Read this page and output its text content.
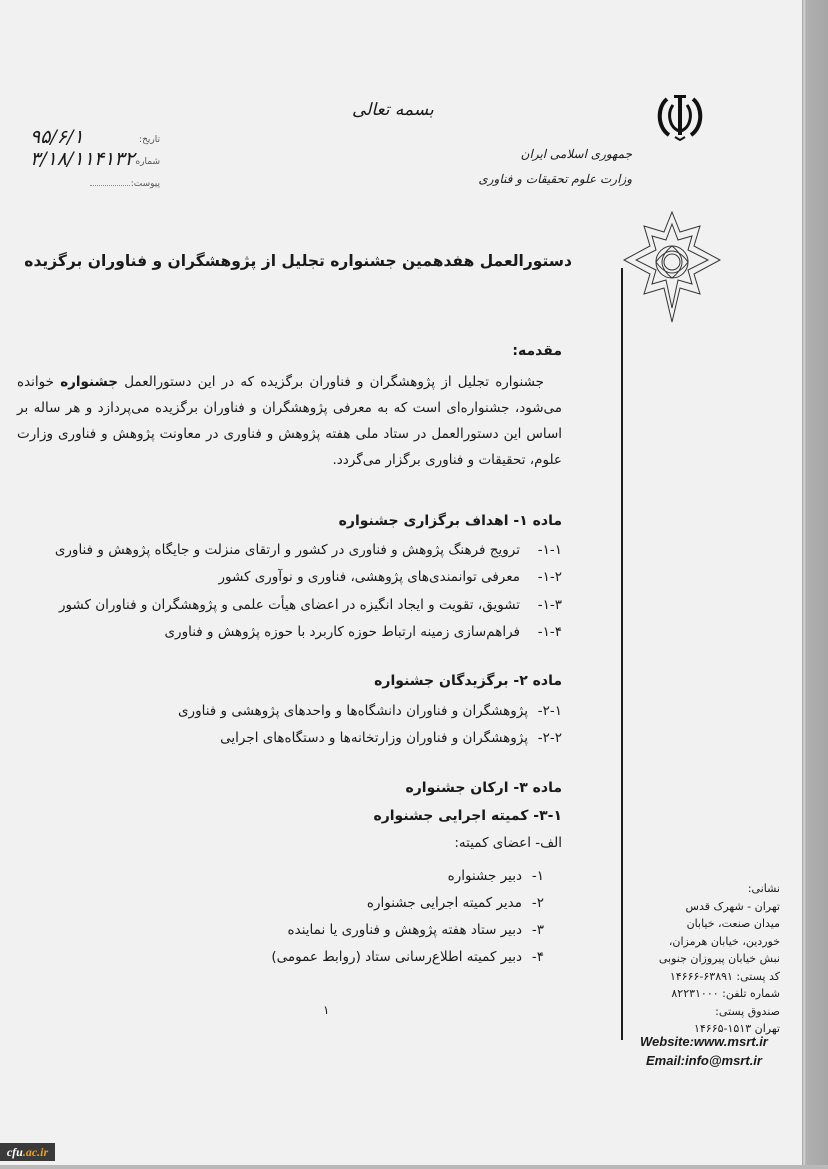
جمهوری اسلامی ایران
وزارت علوم تحقیقات و فناوری
بسمه تعالی
تاریخ:
۹۵/۶/۱
شماره
۳/۱۸/۱۱۴۱۳۲
پیوست:
دستورالعمل هفدهمین جشنواره تجلیل از پژوهشگران و فناوران برگزیده
مقدمه:
جشنواره تجلیل از پژوهشگران و فناوران برگزیده که در این دستورالعمل جشنواره خوانده می‌شود، جشنواره‌ای است که به معرفی پژوهشگران و فناوران برگزیده می‌پردازد و هر ساله بر اساس این دستورالعمل در ستاد ملی هفته پژوهش و فناوری در معاونت پژوهش و فناوری وزارت علوم، تحقیقات و فناوری برگزار می‌گردد.
ماده ۱- اهداف برگزاری جشنواره
۱-۱-ترویج فرهنگ پژوهش و فناوری در کشور و ارتقای منزلت و جایگاه پژوهش و فناوری
۱-۲-معرفی توانمندی‌های پژوهشی، فناوری و نوآوری کشور
۱-۳-تشویق، تقویت و ایجاد انگیزه در اعضای هیأت علمی و پژوهشگران و فناوران کشور
۱-۴-فراهم‌سازی زمینه ارتباط حوزه کاربرد با حوزه پژوهش و فناوری
ماده ۲- برگزیدگان جشنواره
۲-۱-پژوهشگران و فناوران دانشگاه‌ها و واحدهای پژوهشی و فناوری
۲-۲-پژوهشگران و فناوران وزارتخانه‌ها و دستگاه‌های اجرایی
ماده ۳- ارکان جشنواره
۳-۱- کمیته اجرایی جشنواره
الف- اعضای کمیته:
۱-دبیر جشنواره
۲-مدیر کمیته اجرایی جشنواره
۳-دبیر ستاد هفته پژوهش و فناوری یا نماینده
۴-دبیر کمیته اطلاع‌رسانی ستاد (روابط عمومی)
۱
نشانی:
تهران - شهرک قدس
میدان صنعت، خیابان
خوردین، خیابان هرمزان،
نبش خیابان پیروزان جنوبی
کد پستی: ۶۳۸۹۱-۱۴۶۶۶
شماره تلفن: ۸۲۲۳۱۰۰۰
صندوق پستی:
تهران ۱۵۱۳-۱۴۶۶۵
Website:www.msrt.ir
Email:info@msrt.ir
cfu.ac.ir
